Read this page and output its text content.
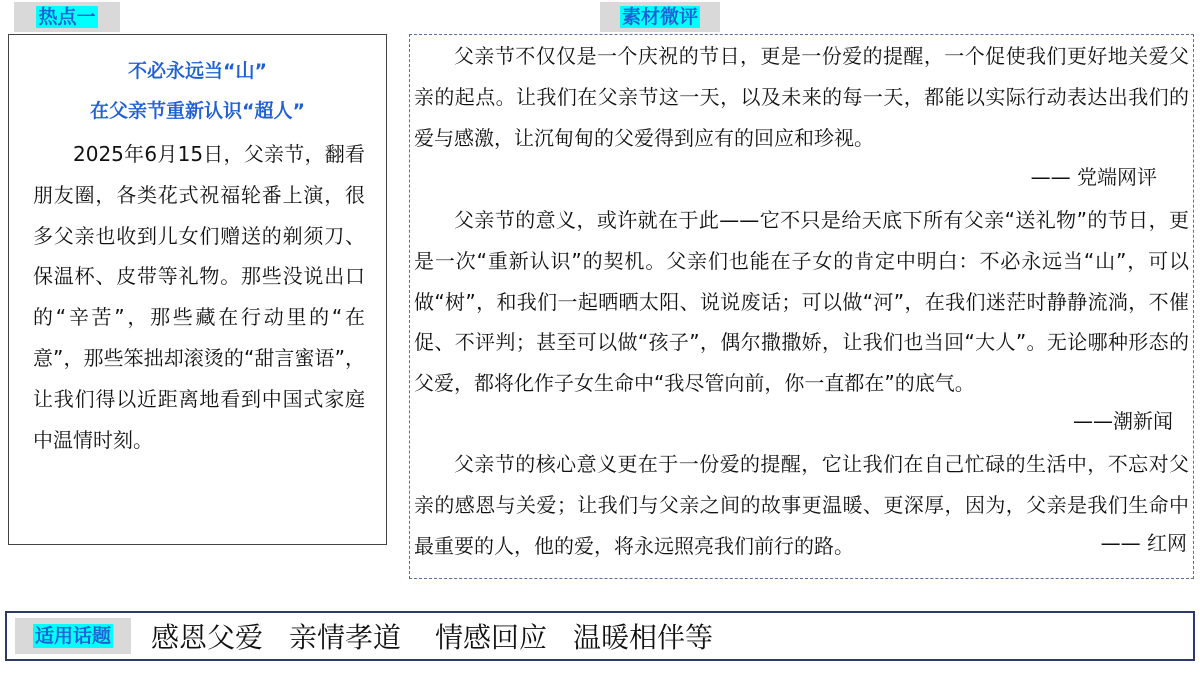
热点一	素材微评
不必永远当“山”
在父亲节重新认识“超人”

2025年6月15日，父亲节，翻看朋友圈，各类花式祝福轮番上演，很多父亲也收到儿女们赠送的剃须刀、保温杯、皮带等礼物。那些没说出口的“辛苦”，那些藏在行动里的“在意”，那些笨拙却滚烫的“甜言蜜语”，让我们得以近距离地看到中国式家庭中温情时刻。

父亲节不仅仅是一个庆祝的节日，更是一份爱的提醒，一个促使我们更好地关爱父亲的起点。让我们在父亲节这一天，以及未来的每一天，都能以实际行动表达出我们的爱与感激，让沉甸甸的父爱得到应有的回应和珍视。

—— 党端网评

父亲节的意义，或许就在于此——它不只是给天底下所有父亲“送礼物”的节日，更是一次“重新认识”的契机。父亲们也能在子女的肯定中明白：不必永远当“山”，可以做“树”，和我们一起晒晒太阳、说说废话；可以做“河”，在我们迷茫时静静流淌，不催促、不评判；甚至可以做“孩子”，偶尔撒撒娇，让我们也当回“大人”。无论哪种形态的父爱，都将化作子女生命中“我尽管向前，你一直都在”的底气。

——潮新闻

父亲节的核心意义更在于一份爱的提醒，它让我们在自己忙碌的生活中，不忘对父亲的感恩与关爱；让我们与父亲之间的故事更温暖、更深厚，因为，父亲是我们生命中最重要的人，他的爱，将永远照亮我们前行的路。	—— 红网
适用话题 感恩父爱 亲情孝道 情感回应 温暖相伴等
